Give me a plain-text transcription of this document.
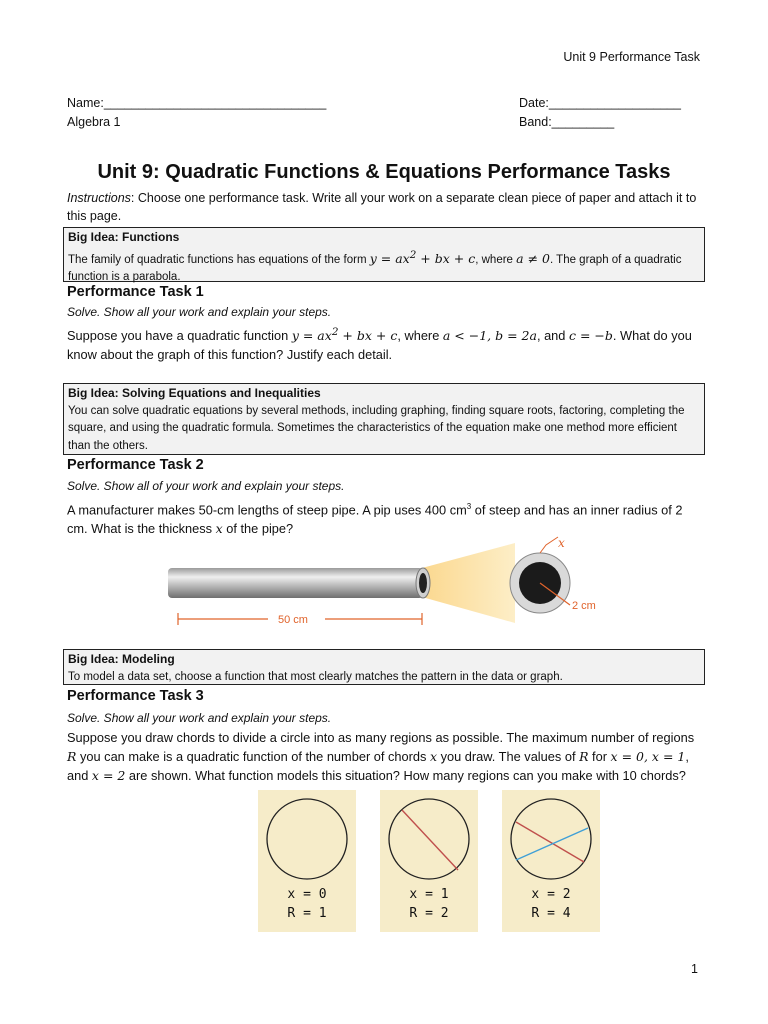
Unit 9 Performance Task
Name:________________________________
Algebra 1
Date:___________________
Band:_________
Unit 9: Quadratic Functions & Equations Performance Tasks
Instructions: Choose one performance task. Write all your work on a separate clean piece of paper and attach it to this page.
Big Idea: Functions
The family of quadratic functions has equations of the form $y = ax^2$ + bx + c, where a ≠ 0. The graph of a quadratic function is a parabola.
Performance Task 1
Solve. Show all your work and explain your steps.
Suppose you have a quadratic function $y = ax^2$ + bx + c, where a < −1, b = 2a, and c = −b. What do you know about the graph of this function? Justify each detail.
Big Idea: Solving Equations and Inequalities
You can solve quadratic equations by several methods, including graphing, finding square roots, factoring, completing the square, and using the quadratic formula. Sometimes the characteristics of the equation make one method more efficient than the others.
Performance Task 2
Solve. Show all of your work and explain your steps.
A manufacturer makes 50-cm lengths of steep pipe. A pip uses 400 $cm^3$ of steep and has an inner radius of 2 cm. What is the thickness x of the pipe?
x
2 cm
50 cm
Big Idea: Modeling
To model a data set, choose a function that most clearly matches the pattern in the data or graph.
Performance Task 3
Solve. Show all your work and explain your steps.
Suppose you draw chords to divide a circle into as many regions as possible. The maximum number of regions R you can make is a quadratic function of the number of chords x you draw. The values of R for x = 0, x = 1, and x = 2 are shown. What function models this situation? How many regions can you make with 10 chords?
x = 0
R = 1
x = 1
R = 2
x = 2
R = 4
1
